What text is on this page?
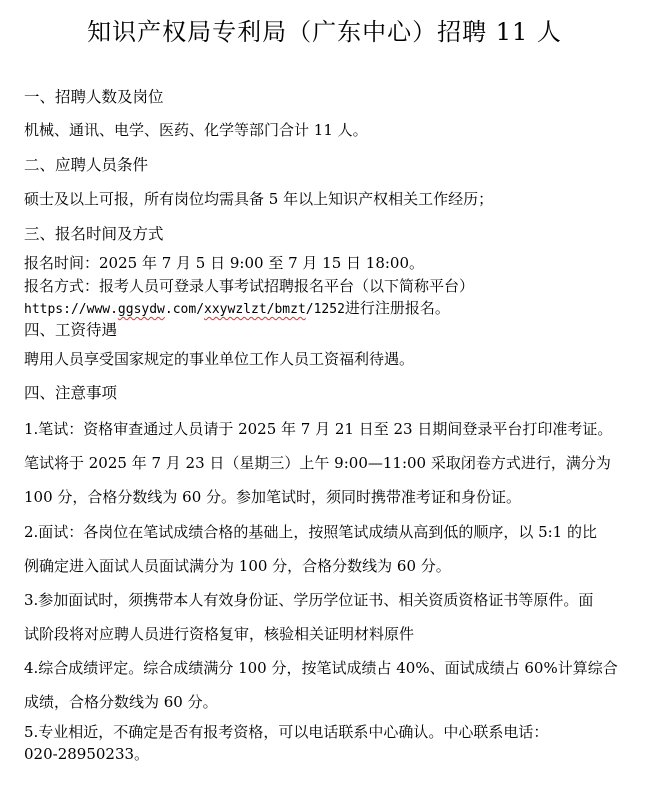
知识产权局专利局（广东中心）招聘 11 人
一、招聘人数及岗位
机械、通讯、电学、医药、化学等部门合计 11 人。
二、应聘人员条件
硕士及以上可报，所有岗位均需具备 5 年以上知识产权相关工作经历；
三、报名时间及方式
报名时间：2025 年 7 月 5 日 9:00 至 7 月 15 日 18:00。
报名方式：报考人员可登录人事考试招聘报名平台（以下简称平台）
https://www.ggsydw.com/xxywzlzt/bmzt/1252进行注册报名。
四、工资待遇
聘用人员享受国家规定的事业单位工作人员工资福利待遇。
四、注意事项
1.笔试：资格审查通过人员请于 2025 年 7 月 21 日至 23 日期间登录平台打印准考证。
笔试将于 2025 年 7 月 23 日（星期三）上午 9:00—11:00 采取闭卷方式进行，满分为
100 分，合格分数线为 60 分。参加笔试时，须同时携带准考证和身份证。
2.面试：各岗位在笔试成绩合格的基础上，按照笔试成绩从高到低的顺序，以 5:1 的比
例确定进入面试人员面试满分为 100 分，合格分数线为 60 分。
3.参加面试时，须携带本人有效身份证、学历学位证书、相关资质资格证书等原件。面
试阶段将对应聘人员进行资格复审，核验相关证明材料原件
4.综合成绩评定。综合成绩满分 100 分，按笔试成绩占 40%、面试成绩占 60%计算综合
成绩，合格分数线为 60 分。
5.专业相近，不确定是否有报考资格，可以电话联系中心确认。中心联系电话：
020-28950233。
